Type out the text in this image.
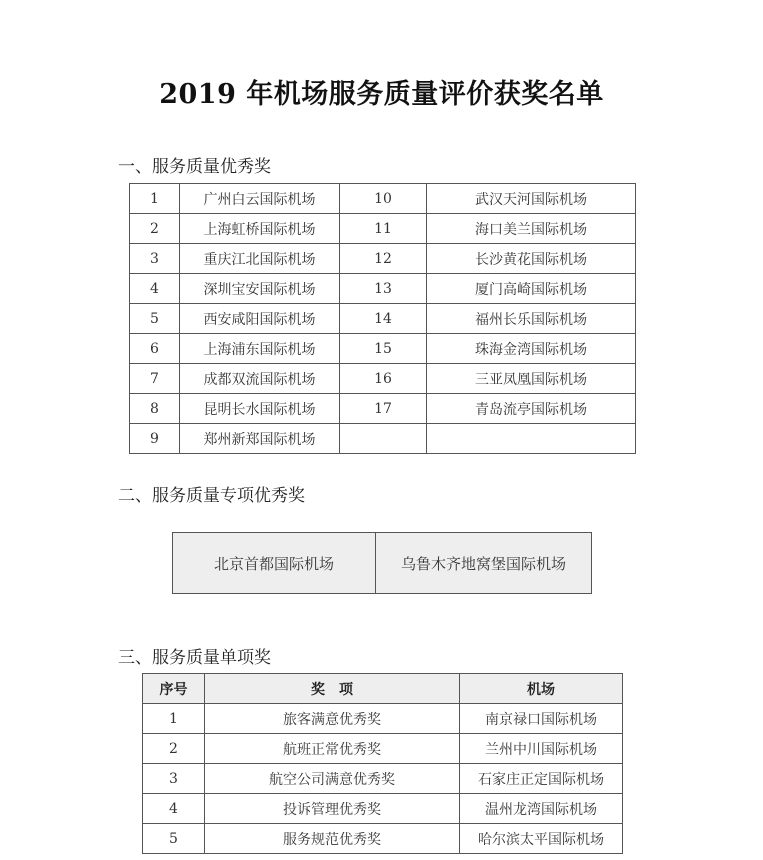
2019 年机场服务质量评价获奖名单
一、服务质量优秀奖
1	广州白云国际机场	10	武汉天河国际机场
2	上海虹桥国际机场	11	海口美兰国际机场
3	重庆江北国际机场	12	长沙黄花国际机场
4	深圳宝安国际机场	13	厦门高崎国际机场
5	西安咸阳国际机场	14	福州长乐国际机场
6	上海浦东国际机场	15	珠海金湾国际机场
7	成都双流国际机场	16	三亚凤凰国际机场
8	昆明长水国际机场	17	青岛流亭国际机场
9	郑州新郑国际机场		
二、服务质量专项优秀奖
北京首都国际机场	乌鲁木齐地窝堡国际机场
三、服务质量单项奖
序号	奖　项	机场
1	旅客满意优秀奖	南京禄口国际机场
2	航班正常优秀奖	兰州中川国际机场
3	航空公司满意优秀奖	石家庄正定国际机场
4	投诉管理优秀奖	温州龙湾国际机场
5	服务规范优秀奖	哈尔滨太平国际机场
